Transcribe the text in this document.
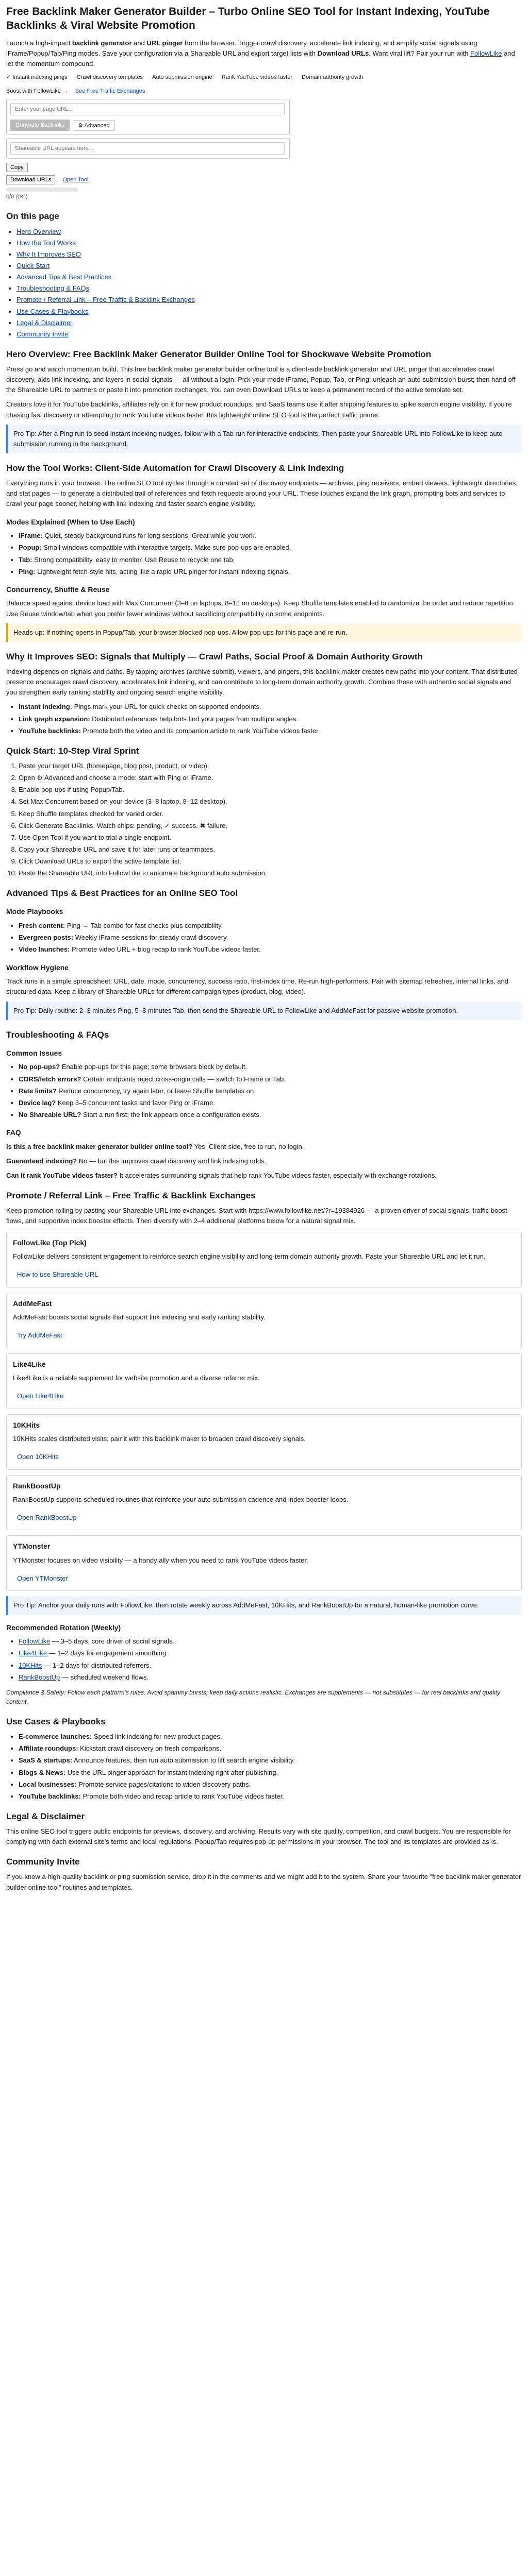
Free Backlink Maker Generator Builder – Turbo Online SEO Tool for Instant Indexing, YouTube Backlinks & Viral Website Promotion

Launch a high-impact backlink generator and URL pinger from the browser. Trigger crawl discovery, accelerate link indexing, and amplify social signals using iFrame/Popup/Tab/Ping modes. Save your configuration via a Shareable URL and export target lists with Download URLs. Want viral lift? Pair your run with FollowLike and let the momentum compound.

✓ Instant indexing pings Crawl discovery templates Auto submission engine Rank YouTube videos faster Domain authority growth
Boost with FollowLike → See Free Traffic Exchanges
Enter your page URL...
Generate Backlinks	⚙ Advanced
Shareable URL appears here...
Copy
Download URLs	Open Tool
0/0 (0%)
On this page
• Hero Overview
• How the Tool Works
• Why It Improves SEO
• Quick Start
• Advanced Tips & Best Practices
• Troubleshooting & FAQs
• Promote / Referral Link – Free Traffic & Backlink Exchanges
• Use Cases & Playbooks
• Legal & Disclaimer
• Community Invite
Hero Overview: Free Backlink Maker Generator Builder Online Tool for Shockwave Website Promotion

Press go and watch momentum build. This free backlink maker generator builder online tool is a client-side backlink generator and URL pinger that accelerates crawl discovery, aids link indexing, and layers in social signals — all without a login. Pick your mode iFrame, Popup, Tab, or Ping; unleash an auto submission burst; then hand off the Shareable URL to partners or paste it into promotion exchanges. You can even Download URLs to keep a permanent record of the active template set.

Creators love it for YouTube backlinks, affiliates rely on it for new product roundups, and SaaS teams use it after shipping features to spike search engine visibility. If you're chasing fast discovery or attempting to rank YouTube videos faster, this lightweight online SEO tool is the perfect traffic primer.

Pro Tip: After a Ping run to seed instant indexing nudges, follow with a Tab run for interactive endpoints. Then paste your Shareable URL into FollowLike to keep auto submission running in the background.
How the Tool Works: Client-Side Automation for Crawl Discovery & Link Indexing

Everything runs in your browser. The online SEO tool cycles through a curated set of discovery endpoints — archives, ping receivers, embed viewers, lightweight directories, and stat pages — to generate a distributed trail of references and fetch requests around your URL. These touches expand the link graph, prompting bots and services to crawl your page sooner, helping with link indexing and faster search engine visibility.

Modes Explained (When to Use Each)
• iFrame: Quiet, steady background runs for long sessions. Great while you work.
• Popup: Small windows compatible with interactive targets. Make sure pop-ups are enabled.
• Tab: Strong compatibility, easy to monitor. Use Reuse to recycle one tab.
• Ping: Lightweight fetch-style hits, acting like a rapid URL pinger for instant indexing signals.
Concurrency, Shuffle & Reuse

Balance speed against device load with Max Concurrent (3–8 on laptops, 8–12 on desktops). Keep Shuffle templates enabled to randomize the order and reduce repetition. Use Reuse window/tab when you prefer fewer windows without sacrificing compatibility on some endpoints.

Heads-up: If nothing opens in Popup/Tab, your browser blocked pop-ups. Allow pop-ups for this page and re-run.
Why It Improves SEO: Signals that Multiply — Crawl Paths, Social Proof & Domain Authority Growth

Indexing depends on signals and paths. By tapping archives (archive submit), viewers, and pingers, this backlink maker creates new paths into your content. That distributed presence encourages crawl discovery, accelerates link indexing, and can contribute to long-term domain authority growth. Combine these with authentic social signals and you strengthen early ranking stability and ongoing search engine visibility.

• Instant indexing: Pings mark your URL for quick checks on supported endpoints.
• Link graph expansion: Distributed references help bots find your pages from multiple angles.
• YouTube backlinks: Promote both the video and its companion article to rank YouTube videos faster.
Quick Start: 10-Step Viral Sprint
1. Paste your target URL (homepage, blog post, product, or video).
2. Open ⚙ Advanced and choose a mode: start with Ping or iFrame.
3. Enable pop-ups if using Popup/Tab.
4. Set Max Concurrent based on your device (3–8 laptop, 8–12 desktop).
5. Keep Shuffle templates checked for varied order.
6. Click Generate Backlinks. Watch chips: pending, ✓ success, ✖ failure.
7. Use Open Tool if you want to trial a single endpoint.
8. Copy your Shareable URL and save it for later runs or teammates.
9. Click Download URLs to export the active template list.
10. Paste the Shareable URL into FollowLike to automate background auto submission.
Advanced Tips & Best Practices for an Online SEO Tool
Mode Playbooks
• Fresh content: Ping → Tab combo for fast checks plus compatibility.
• Evergreen posts: Weekly iFrame sessions for steady crawl discovery.
• Video launches: Promote video URL + blog recap to rank YouTube videos faster.
Workflow Hygiene

Track runs in a simple spreadsheet: URL, date, mode, concurrency, success ratio, first-index time. Re-run high-performers. Pair with sitemap refreshes, internal links, and structured data. Keep a library of Shareable URLs for different campaign types (product, blog, video).

Pro Tip: Daily routine: 2–3 minutes Ping, 5–8 minutes Tab, then send the Shareable URL to FollowLike and AddMeFast for passive website promotion.
Troubleshooting & FAQs
Common Issues
• No pop-ups? Enable pop-ups for this page; some browsers block by default.
• CORS/fetch errors? Certain endpoints reject cross-origin calls — switch to Frame or Tab.
• Rate limits? Reduce concurrency, try again later, or leave Shuffle templates on.
• Device lag? Keep 3–5 concurrent tasks and favor Ping or iFrame.
• No Shareable URL? Start a run first; the link appears once a configuration exists.
FAQ

Is this a free backlink maker generator builder online tool? Yes. Client-side, free to run, no login.

Guaranteed indexing? No — but this improves crawl discovery and link indexing odds.

Can it rank YouTube videos faster? It accelerates surrounding signals that help rank YouTube videos faster, especially with exchange rotations.

Promote / Referral Link – Free Traffic & Backlink Exchanges

Keep promotion rolling by pasting your Shareable URL into exchanges. Start with https://www.followlike.net/?r=19384926 — a proven driver of social signals, traffic boost-flows, and supportive index booster effects. Then diversify with 2–4 additional platforms below for a natural signal mix.

FollowLike (Top Pick)

FollowLike delivers consistent engagement to reinforce search engine visibility and long-term domain authority growth. Paste your Shareable URL and let it run.

How to use Shareable URL
AddMeFast

AddMeFast boosts social signals that support link indexing and early ranking stability.

Try AddMeFast
Like4Like

Like4Like is a reliable supplement for website promotion and a diverse referrer mix.

Open Like4Like
10KHits

10KHits scales distributed visits; pair it with this backlink maker to broaden crawl discovery signals.

Open 10KHits
RankBoostUp

RankBoostUp supports scheduled routines that reinforce your auto submission cadence and index booster loops.

Open RankBoostUp
YTMonster

YTMonster focuses on video visibility — a handy ally when you need to rank YouTube videos faster.

Open YTMonster
Pro Tip: Anchor your daily runs with FollowLike, then rotate weekly across AddMeFast, 10KHits, and RankBoostUp for a natural, human-like promotion curve.
Recommended Rotation (Weekly)
• FollowLike — 3–5 days, core driver of social signals.
• Like4Like — 1–2 days for engagement smoothing.
• 10KHits — 1–2 days for distributed referrers.
• RankBoostUp — scheduled weekend flows.

Compliance & Safety: Follow each platform's rules. Avoid spammy bursts; keep daily actions realistic. Exchanges are supplements — not substitutes — for real backlinks and quality content.

Use Cases & Playbooks
• E-commerce launches: Speed link indexing for new product pages.
• Affiliate roundups: Kickstart crawl discovery on fresh comparisons.
• SaaS & startups: Announce features, then run auto submission to lift search engine visibility.
• Blogs & News: Use the URL pinger approach for instant indexing right after publishing.
• Local businesses: Promote service pages/citations to widen discovery paths.
• YouTube backlinks: Promote both video and recap article to rank YouTube videos faster.
Legal & Disclaimer

This online SEO tool triggers public endpoints for previews, discovery, and archiving. Results vary with site quality, competition, and crawl budgets. You are responsible for complying with each external site's terms and local regulations. Popup/Tab requires pop-up permissions in your browser. The tool and its templates are provided as-is.

Community Invite

If you know a high-quality backlink or ping submission service, drop it in the comments and we might add it to the system. Share your favourite "free backlink maker generator builder online tool" routines and templates.
